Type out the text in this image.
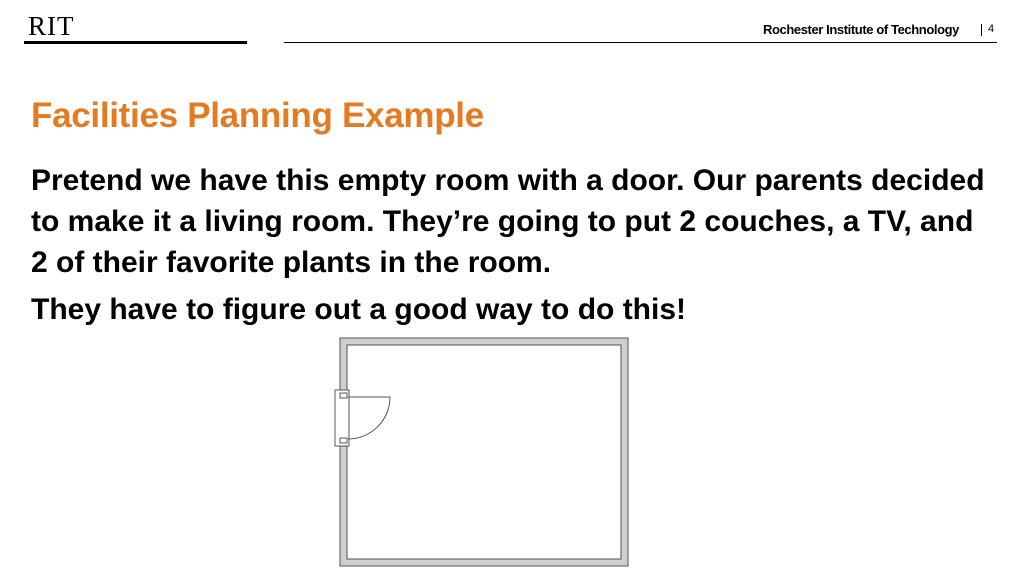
RIT	Rochester Institute of Technology	4
Facilities Planning Example

Pretend we have this empty room with a door. Our parents decided to make it a living room. They’re going to put 2 couches, a TV, and 2 of their favorite plants in the room.

They have to figure out a good way to do this!
